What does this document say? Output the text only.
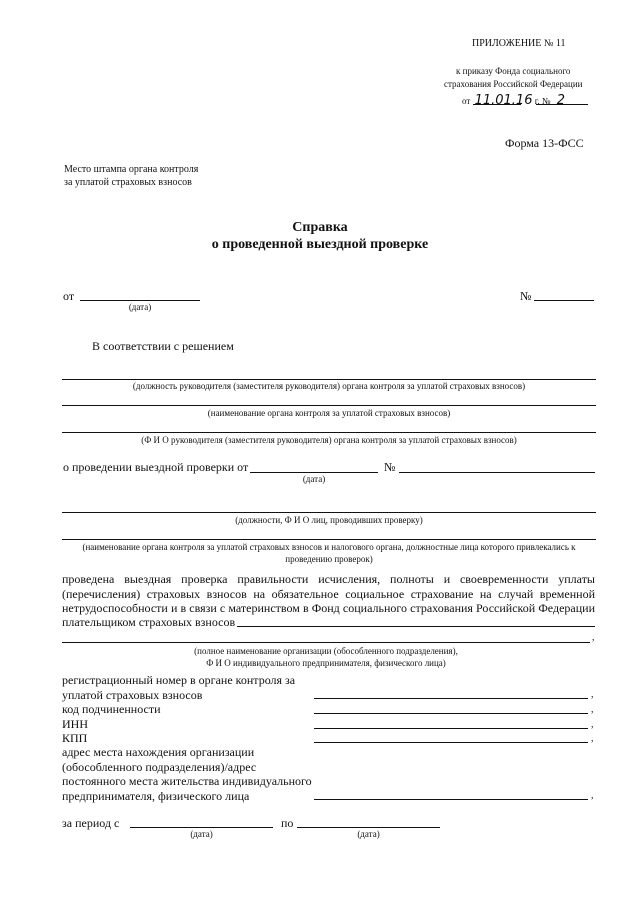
ПРИЛОЖЕНИЕ № 11
к приказу Фонда социального
страхования Российской Федерации
от 11.01.16 г. № 2
Форма 13-ФСС
Место штампа органа контроля
за уплатой страховых взносов
Справка
о проведенной выездной проверке
от
(дата)
№
В соответствии с решением
(должность руководителя (заместителя руководителя) органа контроля за уплатой страховых взносов)
(наименование органа контроля за уплатой страховых взносов)
(Ф И О руководителя (заместителя руководителя) органа контроля за уплатой страховых взносов)
о проведении выездной проверки от
(дата)
№
(должности, Ф И О лиц, проводивших проверку)
(наименование органа контроля за уплатой страховых взносов и налогового органа, должностные лица которого привлекались к
проведению проверок)
проведена выездная проверка правильности исчисления, полноты и своевременности уплаты
(перечисления) страховых взносов на обязательное социальное страхование на случай временной
нетрудоспособности и в связи с материнством в Фонд социального страхования Российской Федерации
плательщиком страховых взносов
,
(полное наименование организации (обособленного подразделения),
Ф И О индивидуального предпринимателя, физического лица)
регистрационный номер в органе контроля за
уплатой страховых взносов	,
код подчиненности	,
ИНН	,
КПП	,
адрес места нахождения организации
(обособленного подразделения)/адрес
постоянного места жительства индивидуального
предпринимателя, физического лица	,
за период с
(дата)
по
(дата)
